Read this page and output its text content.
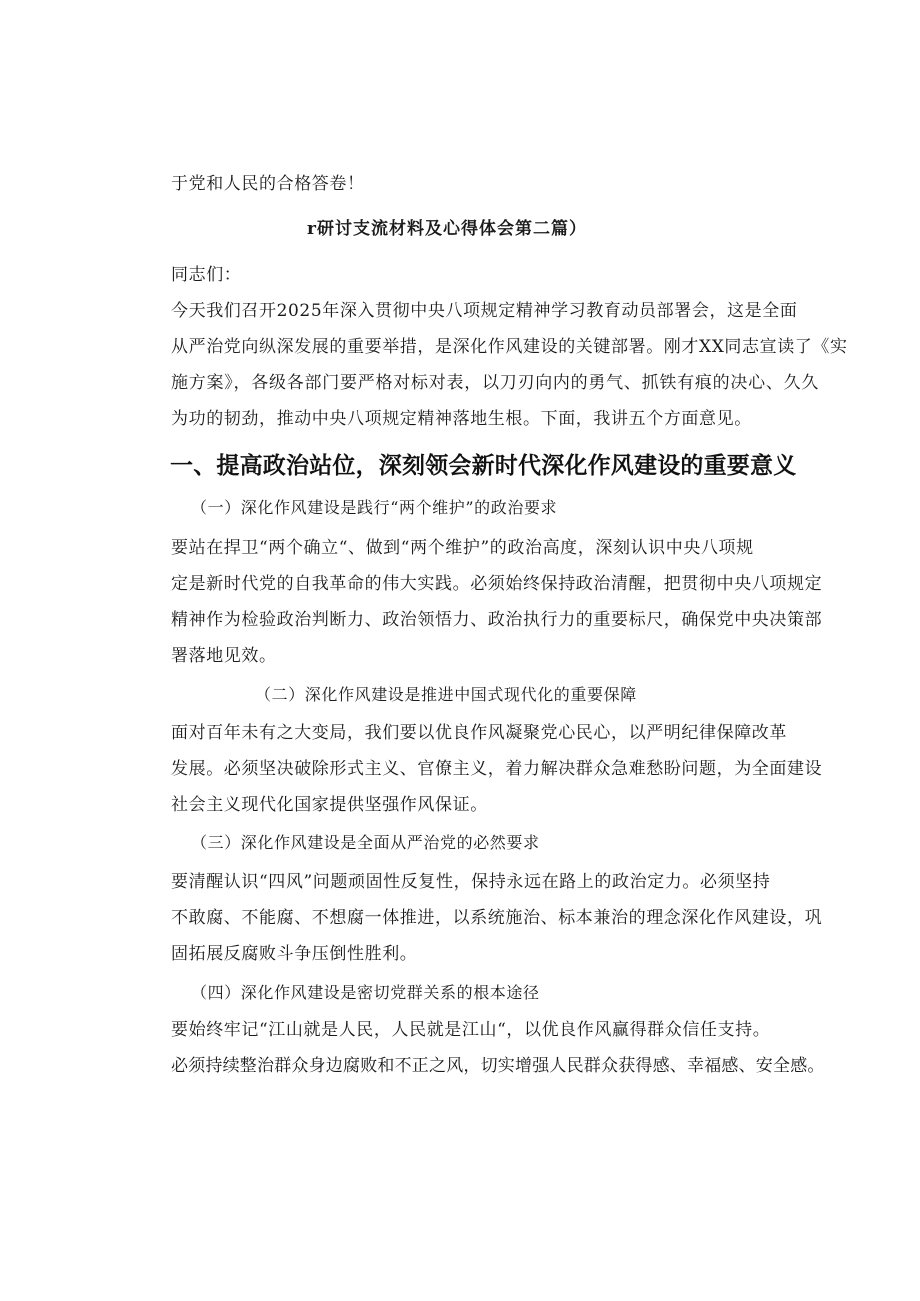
于党和人民的合格答卷！
r研讨支流材料及心得体会第二篇）
同志们：
今天我们召开2025年深入贯彻中央八项规定精神学习教育动员部署会，这是全面
从严治党向纵深发展的重要举措，是深化作风建设的关键部署。刚才XX同志宣读了《实
施方案》，各级各部门要严格对标对表，以刀刃向内的勇气、抓铁有痕的决心、久久
为功的韧劲，推动中央八项规定精神落地生根。下面，我讲五个方面意见。
一、提高政治站位，深刻领会新时代深化作风建设的重要意义
（一）深化作风建设是践行“两个维护”的政治要求
要站在捍卫“两个确立“、做到“两个维护”的政治高度，深刻认识中央八项规
定是新时代党的自我革命的伟大实践。必须始终保持政治清醒，把贯彻中央八项规定
精神作为检验政治判断力、政治领悟力、政治执行力的重要标尺，确保党中央决策部
署落地见效。
（二）深化作风建设是推进中国式现代化的重要保障
面对百年未有之大变局，我们要以优良作风凝聚党心民心，以严明纪律保障改革
发展。必须坚决破除形式主义、官僚主义，着力解决群众急难愁盼问题，为全面建设
社会主义现代化国家提供坚强作风保证。
（三）深化作风建设是全面从严治党的必然要求
要清醒认识“四风”问题顽固性反复性，保持永远在路上的政治定力。必须坚持
不敢腐、不能腐、不想腐一体推进，以系统施治、标本兼治的理念深化作风建设，巩
固拓展反腐败斗争压倒性胜利。
（四）深化作风建设是密切党群关系的根本途径
要始终牢记“江山就是人民，人民就是江山“，以优良作风赢得群众信任支持。
必须持续整治群众身边腐败和不正之风，切实增强人民群众获得感、幸福感、安全感。
